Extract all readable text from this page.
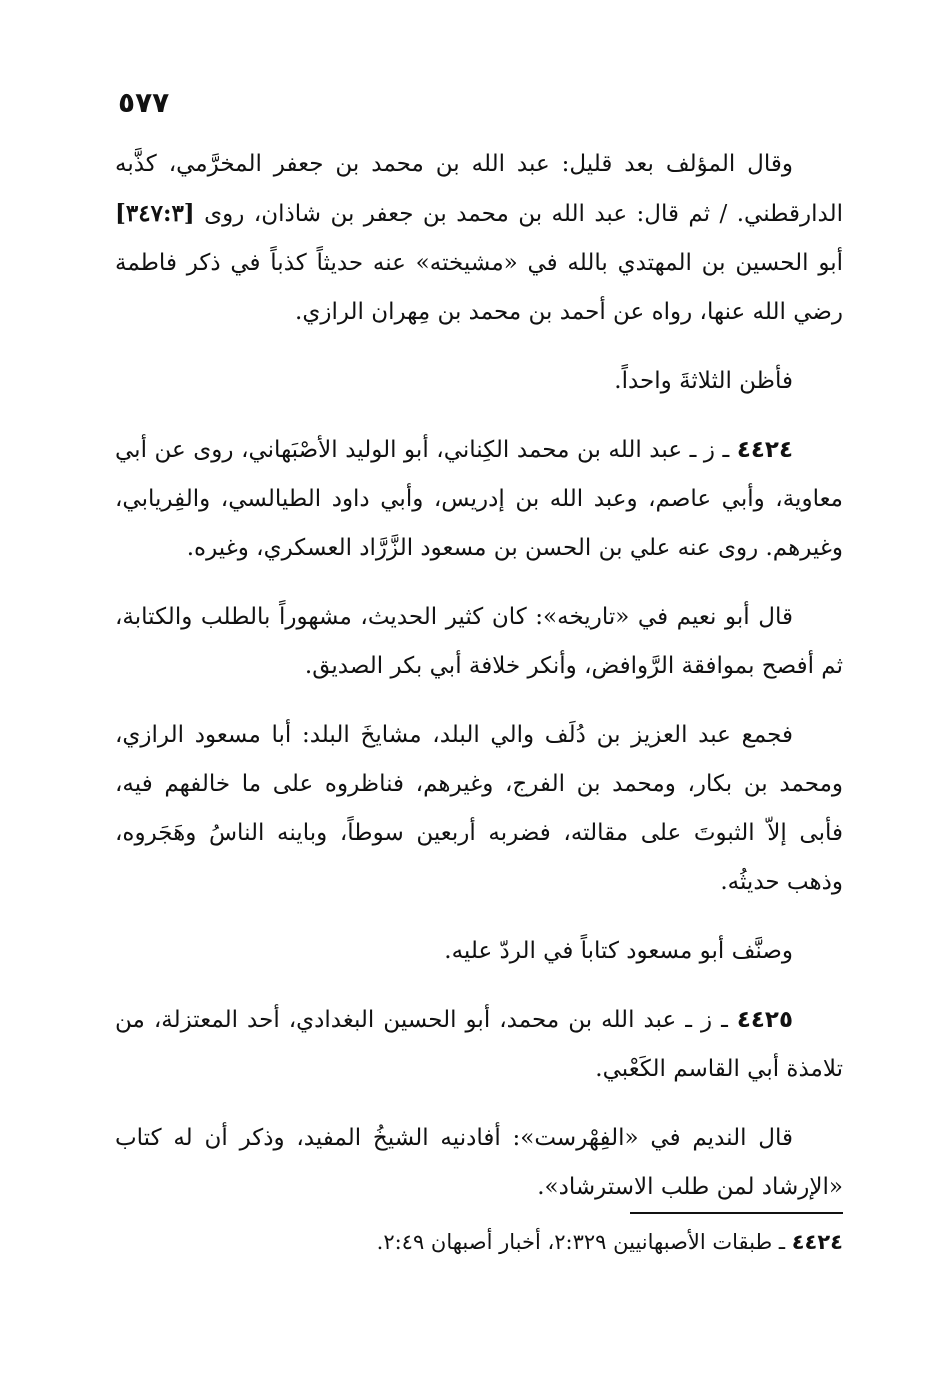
٥٧٧

وقال المؤلف بعد قليل: عبد الله بن محمد بن جعفر المخرَّمي، كذَّبه الدارقطني. / ثم قال: عبد الله بن محمد بن جعفر بن شاذان، روى [٣٤٧:٣] أبو الحسين بن المهتدي بالله في «مشيخته» عنه حديثاً كذباً في ذكر فاطمة رضي الله عنها، رواه عن أحمد بن محمد بن مِهران الرازي.

فأظن الثلاثةَ واحداً.

٤٤٢٤ ـ ز ـ عبد الله بن محمد الكِناني، أبو الوليد الأصْبَهاني، روى عن أبي معاوية، وأبي عاصم، وعبد الله بن إدريس، وأبي داود الطيالسي، والفِريابي، وغيرهم. روى عنه علي بن الحسن بن مسعود الزَّرَّاد العسكري، وغيره.

قال أبو نعيم في «تاريخه»: كان كثير الحديث، مشهوراً بالطلب والكتابة، ثم أفصح بموافقة الرَّوافض، وأنكر خلافة أبي بكر الصديق.

فجمع عبد العزيز بن دُلَف والي البلد، مشايخَ البلد: أبا مسعود الرازي، ومحمد بن بكار، ومحمد بن الفرج، وغيرهم، فناظروه على ما خالفهم فيه، فأبى إلاّ الثبوتَ على مقالته، فضربه أربعين سوطاً، وباينه الناسُ وهَجَروه، وذهب حديثُه.

وصنَّف أبو مسعود كتاباً في الردّ عليه.

٤٤٢٥ ـ ز ـ عبد الله بن محمد، أبو الحسين البغدادي، أحد المعتزلة، من تلامذة أبي القاسم الكَعْبي.

قال النديم في «الفِهْرست»: أفادنيه الشيخُ المفيد، وذكر أن له كتاب «الإرشاد لمن طلب الاسترشاد».

٤٤٢٤ ـ طبقات الأصبهانيين ٢:٣٢٩، أخبار أصبهان ٢:٤٩.
